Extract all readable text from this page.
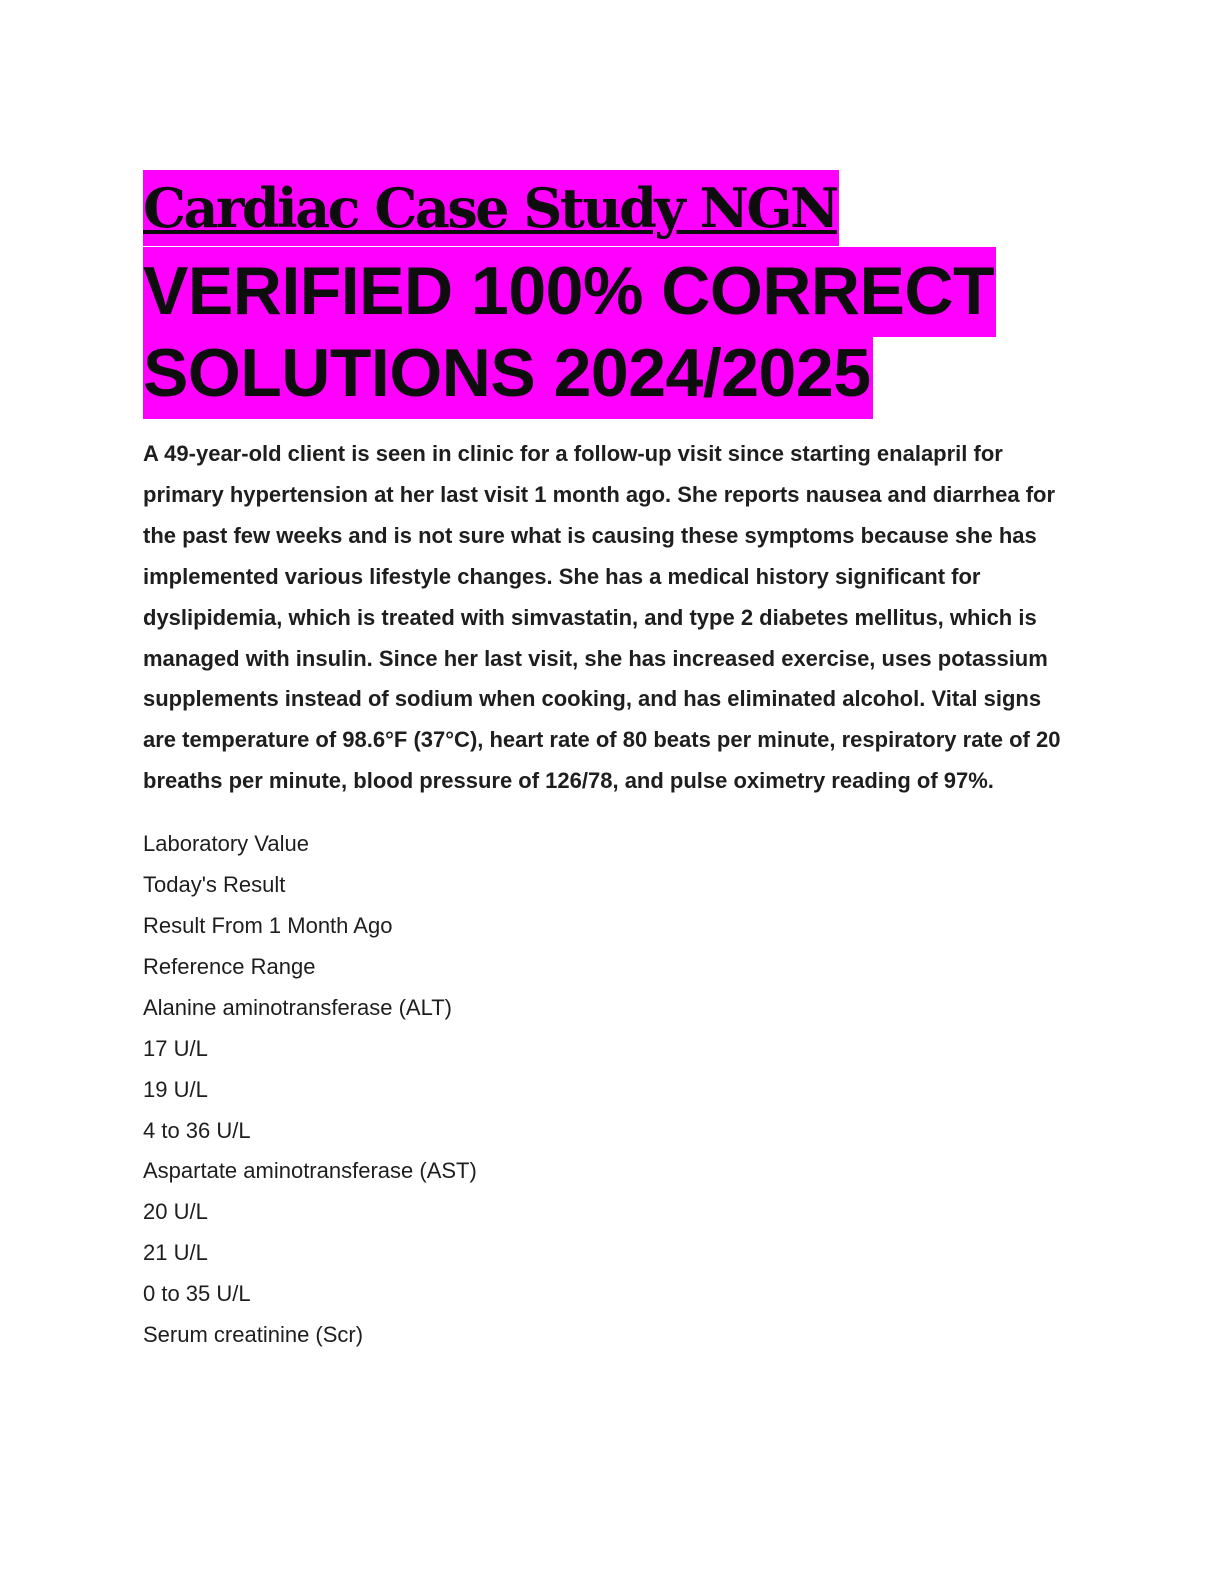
Cardiac Case Study NGN
VERIFIED 100% CORRECT
SOLUTIONS 2024/2025

A 49-year-old client is seen in clinic for a follow-up visit since starting enalapril for primary hypertension at her last visit 1 month ago. She reports nausea and diarrhea for the past few weeks and is not sure what is causing these symptoms because she has implemented various lifestyle changes. She has a medical history significant for dyslipidemia, which is treated with simvastatin, and type 2 diabetes mellitus, which is managed with insulin. Since her last visit, she has increased exercise, uses potassium supplements instead of sodium when cooking, and has eliminated alcohol. Vital signs are temperature of 98.6°F (37°C), heart rate of 80 beats per minute, respiratory rate of 20 breaths per minute, blood pressure of 126/78, and pulse oximetry reading of 97%.

Laboratory Value
Today's Result
Result From 1 Month Ago
Reference Range
Alanine aminotransferase (ALT)
17 U/L
19 U/L
4 to 36 U/L
Aspartate aminotransferase (AST)
20 U/L
21 U/L
0 to 35 U/L
Serum creatinine (Scr)
